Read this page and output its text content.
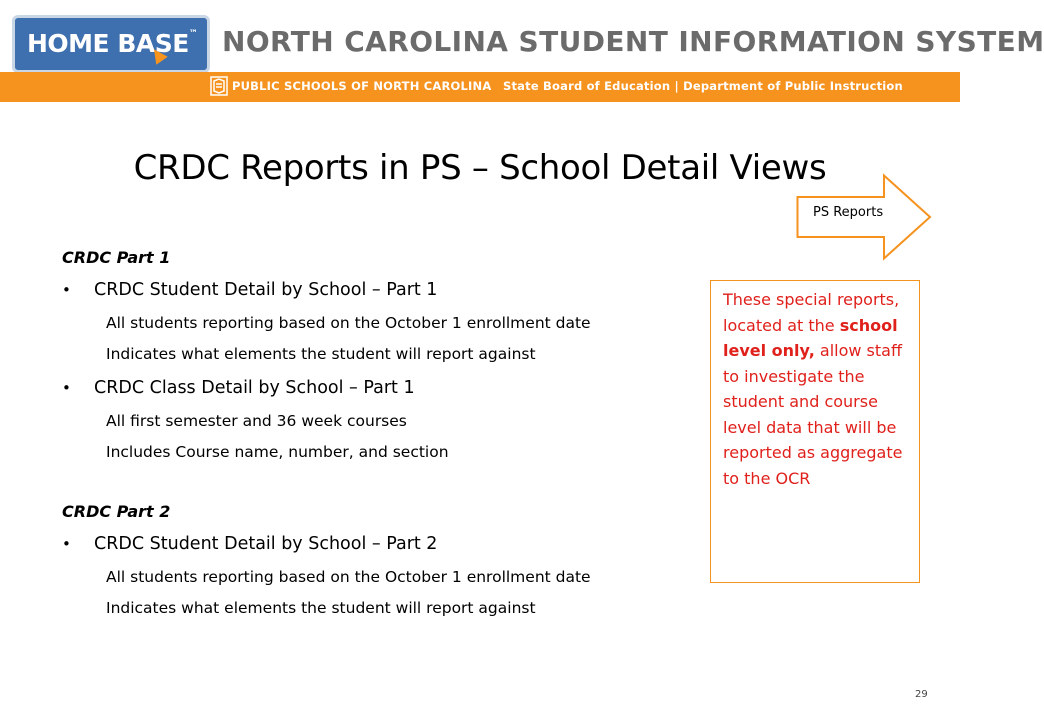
HOME BASE™ NORTH CAROLINA STUDENT INFORMATION SYSTEM
PUBLIC SCHOOLS OF NORTH CAROLINA State Board of Education | Department of Public Instruction
CRDC Reports in PS – School Detail Views
PS Reports
CRDC Part 1
• CRDC Student Detail by School – Part 1
All students reporting based on the October 1 enrollment date
Indicates what elements the student will report against
• CRDC Class Detail by School – Part 1
All first semester and 36 week courses
Includes Course name, number, and section
CRDC Part 2
• CRDC Student Detail by School – Part 2
All students reporting based on the October 1 enrollment date
Indicates what elements the student will report against
These special reports, located at the school level only, allow staff to investigate the student and course level data that will be reported as aggregate to the OCR
29
